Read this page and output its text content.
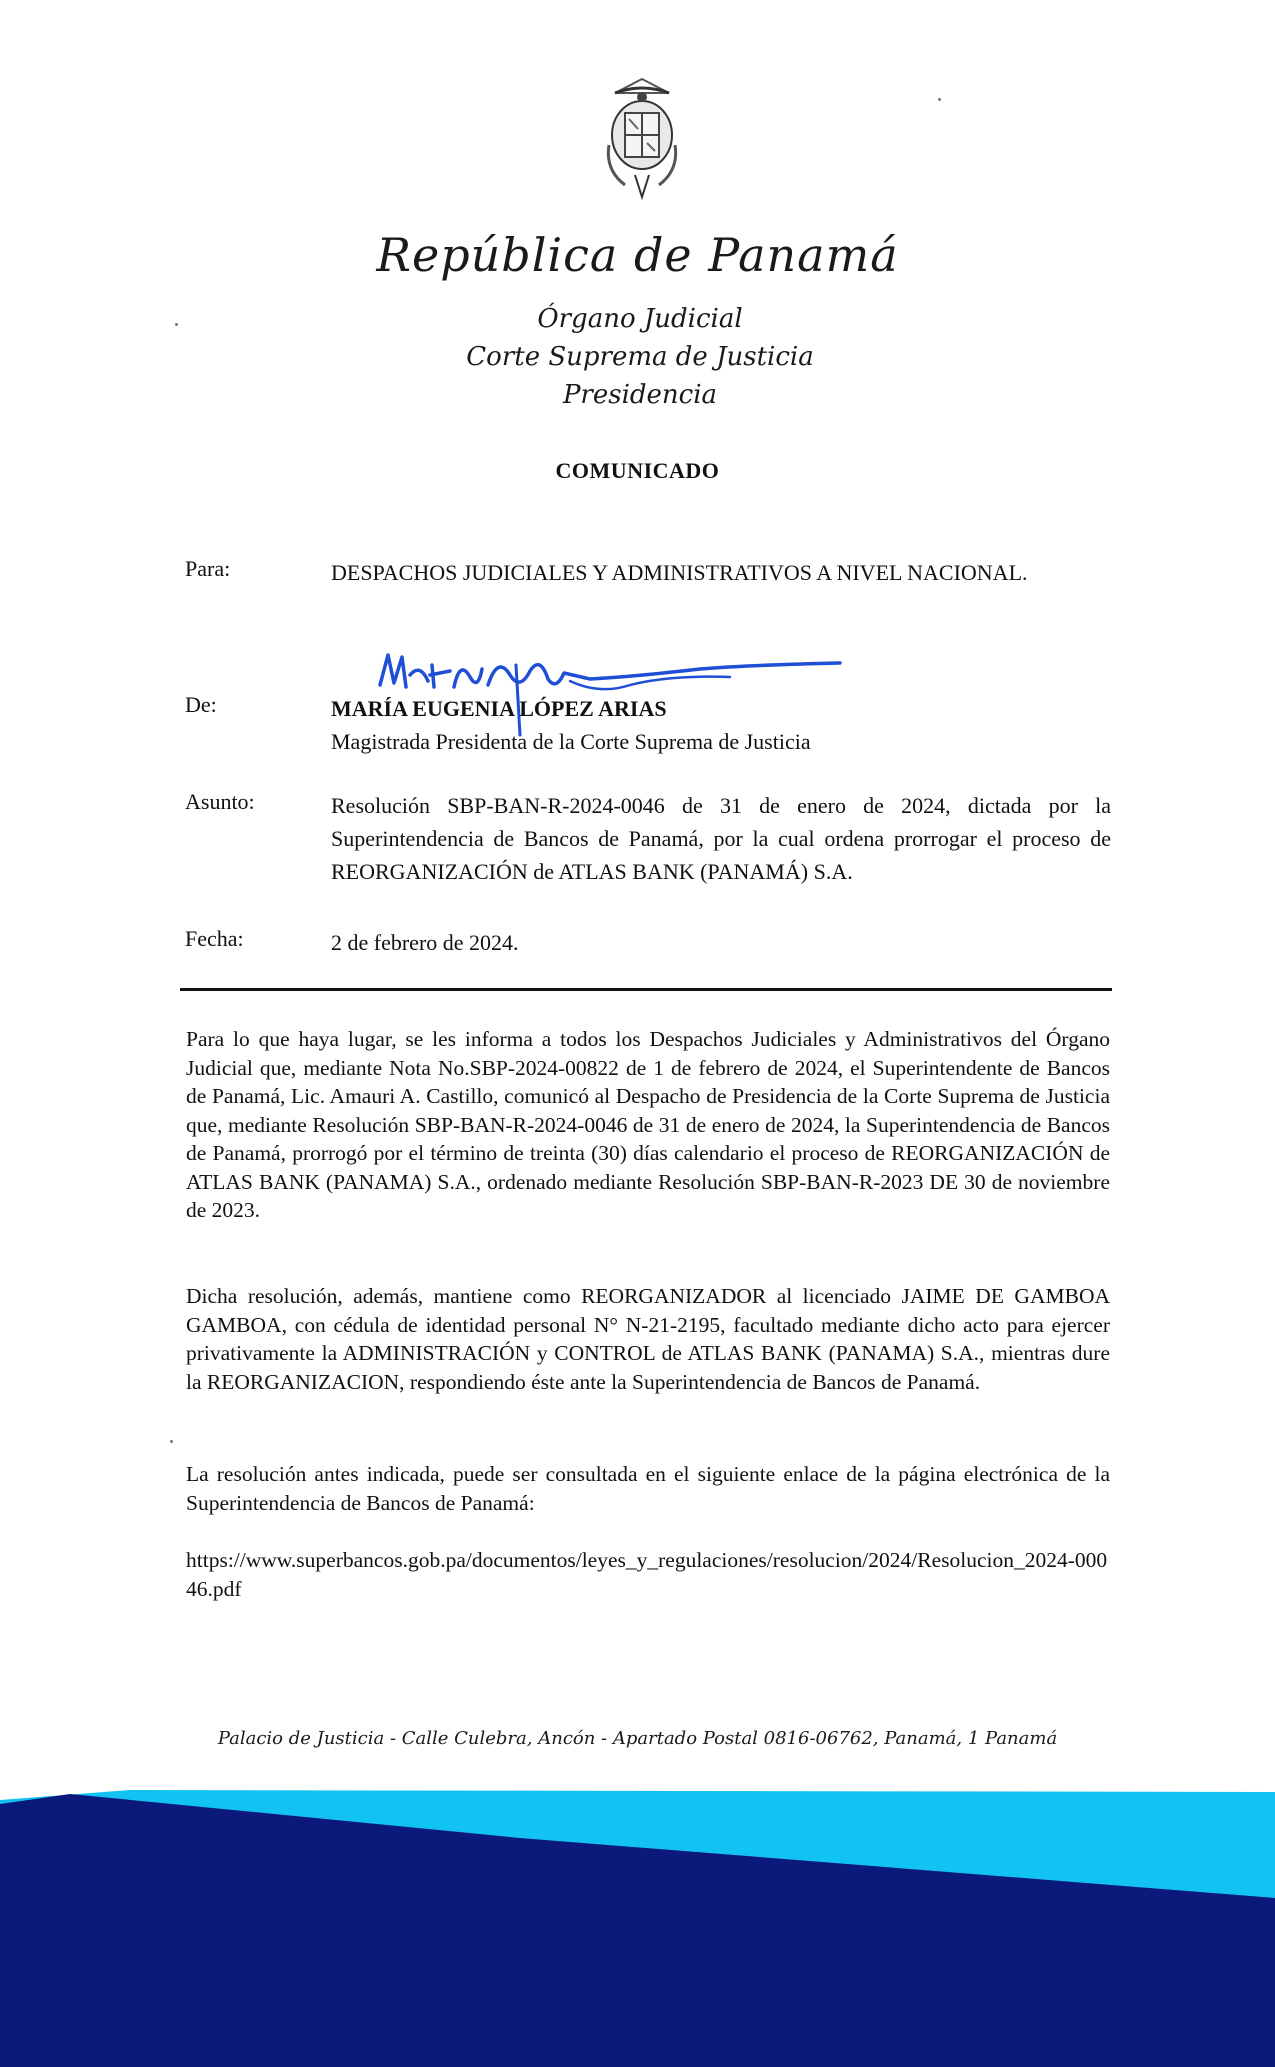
República de Panamá
Órgano Judicial
Corte Suprema de Justicia
Presidencia
COMUNICADO
Para:	DESPACHOS JUDICIALES Y ADMINISTRATIVOS A NIVEL NACIONAL.
De:	MARÍA EUGENIA LÓPEZ ARIAS
Magistrada Presidenta de la Corte Suprema de Justicia
Asunto:	Resolución SBP-BAN-R-2024-0046 de 31 de enero de 2024, dictada por la Superintendencia de Bancos de Panamá, por la cual ordena prorrogar el proceso de REORGANIZACIÓN de ATLAS BANK (PANAMÁ) S.A.
Fecha:	2 de febrero de 2024.
Para lo que haya lugar, se les informa a todos los Despachos Judiciales y Administrativos del Órgano Judicial que, mediante Nota No.SBP-2024-00822 de 1 de febrero de 2024, el Superintendente de Bancos de Panamá, Lic. Amauri A. Castillo, comunicó al Despacho de Presidencia de la Corte Suprema de Justicia que, mediante Resolución SBP-BAN-R-2024-0046 de 31 de enero de 2024, la Superintendencia de Bancos de Panamá, prorrogó por el término de treinta (30) días calendario el proceso de REORGANIZACIÓN de ATLAS BANK (PANAMA) S.A., ordenado mediante Resolución SBP-BAN-R-2023 DE 30 de noviembre de 2023.
Dicha resolución, además, mantiene como REORGANIZADOR al licenciado JAIME DE GAMBOA GAMBOA, con cédula de identidad personal N° N-21-2195, facultado mediante dicho acto para ejercer privativamente la ADMINISTRACIÓN y CONTROL de ATLAS BANK (PANAMA) S.A., mientras dure la REORGANIZACION, respondiendo éste ante la Superintendencia de Bancos de Panamá.
La resolución antes indicada, puede ser consultada en el siguiente enlace de la página electrónica de la Superintendencia de Bancos de Panamá:
https://www.superbancos.gob.pa/documentos/leyes_y_regulaciones/resolucion/2024/Resolucion_2024-00046.pdf
Palacio de Justicia - Calle Culebra, Ancón - Apartado Postal 0816-06762, Panamá, 1 Panamá
